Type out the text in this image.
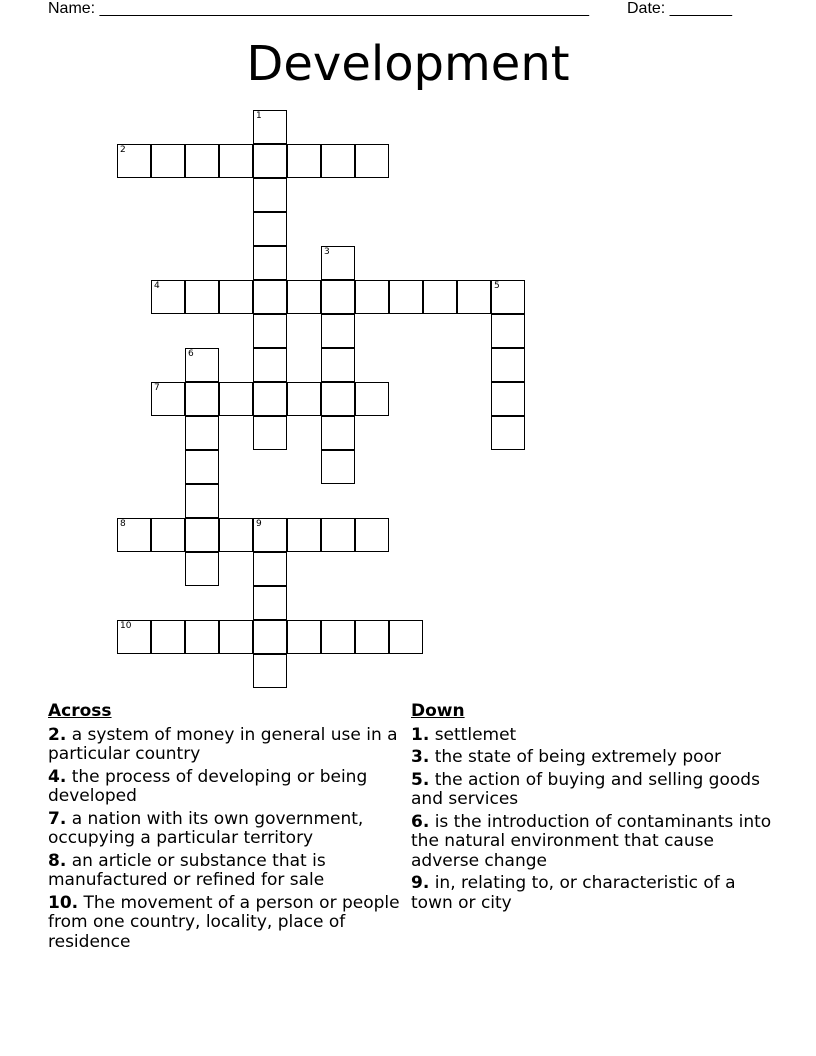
Name: _______________________________________________________ Date: _______
Development
1
2
3
4	5
6
7
8	9
10
Across
2. a system of money in general use in a particular country
4. the process of developing or being developed
7. a nation with its own government, occupying a particular territory
8. an article or substance that is manufactured or refined for sale
10. The movement of a person or people from one country, locality, place of residence
Down
1. settlemet
3. the state of being extremely poor
5. the action of buying and selling goods and services
6. is the introduction of contaminants into the natural environment that cause adverse change
9. in, relating to, or characteristic of a town or city
